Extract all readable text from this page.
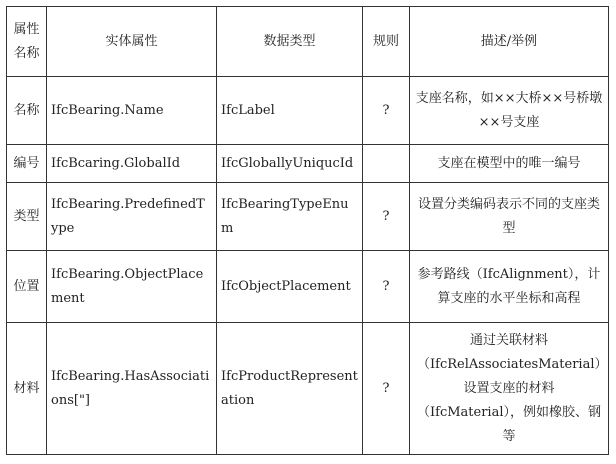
属性名称	实体属性	数据类型	规则	描述/举例
名称	IfcBearing.Name	IfcLabel	?	支座名称，如××大桥××号桥墩××号支座
编号	IfcBcaring.GlobalId	IfcGloballyUniqucId		支座在模型中的唯一编号
类型	IfcBearing.PredefinedType	IfcBearingTypeEnum	?	设置分类编码表示不同的支座类型
位置	IfcBearing.ObjectPlacement	IfcObjectPlacement	?	参考路线（IfcAlignment），计算支座的水平坐标和高程
材料	IfcBearing.HasAssociations["]	IfcProductRepresentation	?	通过关联材料（IfcRelAssociatesMaterial）设置支座的材料（IfcMaterial），例如橡胶、钢等
